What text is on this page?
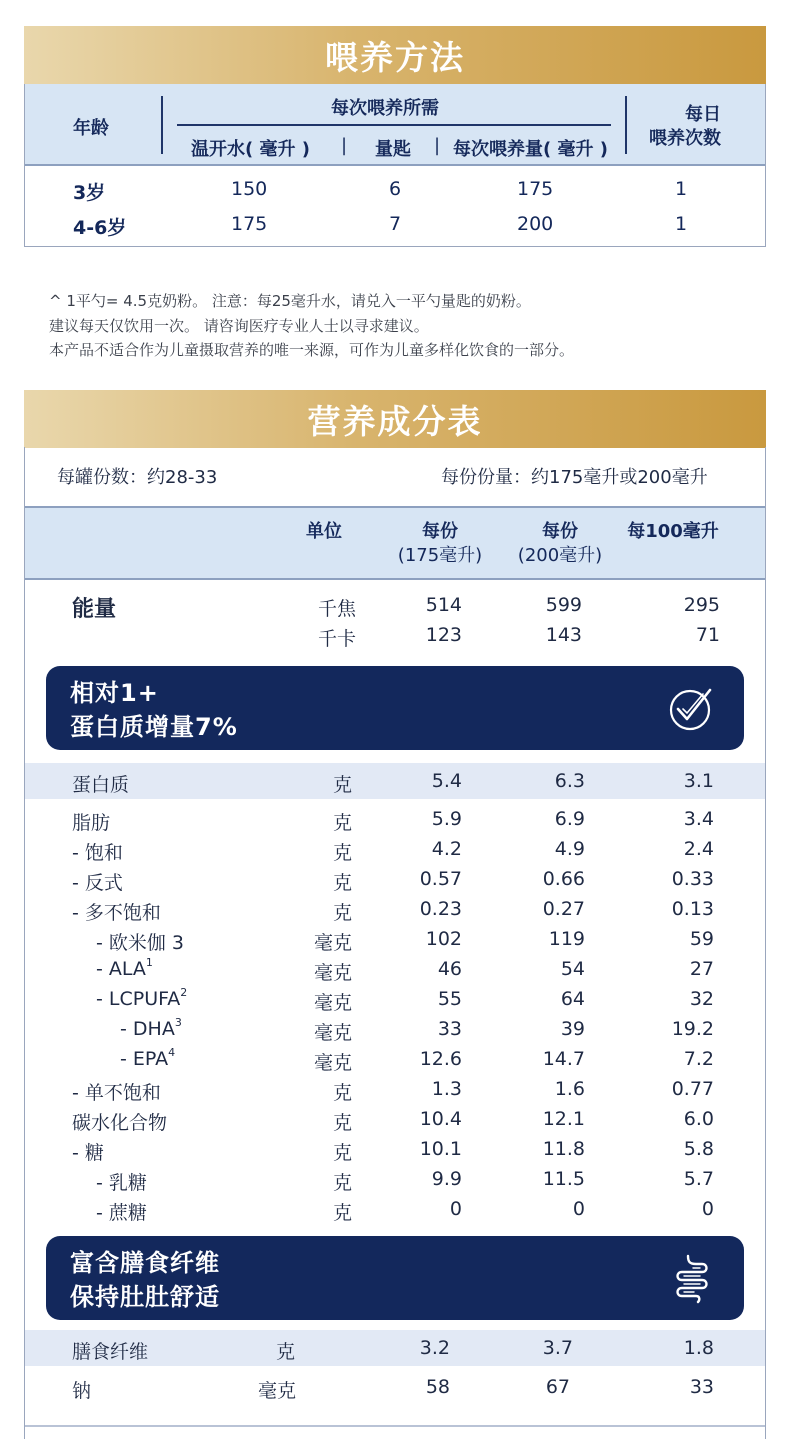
喂养方法
年龄
每次喂养所需
温开水( 毫升 ) | 量匙 | 每次喂养量( 毫升 )
每日
喂养次数
3岁	150	6	175	1
4-6岁	175	7	200	1
^ 1平勺= 4.5克奶粉。 注意：每25毫升水，请兑入一平勺量匙的奶粉。
建议每天仅饮用一次。 请咨询医疗专业人士以寻求建议。
本产品不适合作为儿童摄取营养的唯一来源，可作为儿童多样化饮食的一部分。
营养成分表
每罐份数：约28-33	每份份量：约175毫升或200毫升
单位	每份
(175毫升)
每份
(200毫升)
每100毫升
能量	千焦	514	599	295
千卡	123	143	71
相对1+
蛋白质增量7%
蛋白质	克	5.4	6.3	3.1
脂肪	克	5.9	6.9	3.4
- 饱和	克	4.2	4.9	2.4
- 反式	克	0.57	0.66	0.33
- 多不饱和	克	0.23	0.27	0.13
- 欧米伽 3	毫克	102	119	59
- ALA$^1$	毫克	46	54	27
- LCPUFA$^2$	毫克	55	64	32
- DHA$^3$	毫克	33	39	19.2
- EPA$^4$	毫克	12.6	14.7	7.2
- 单不饱和	克	1.3	1.6	0.77
碳水化合物	克	10.4	12.1	6.0
- 糖	克	10.1	11.8	5.8
- 乳糖	克	9.9	11.5	5.7
- 蔗糖	克	0	0	0
富含膳食纤维
保持肚肚舒适
膳食纤维	克	3.2	3.7	1.8
钠	毫克	58	67	33
